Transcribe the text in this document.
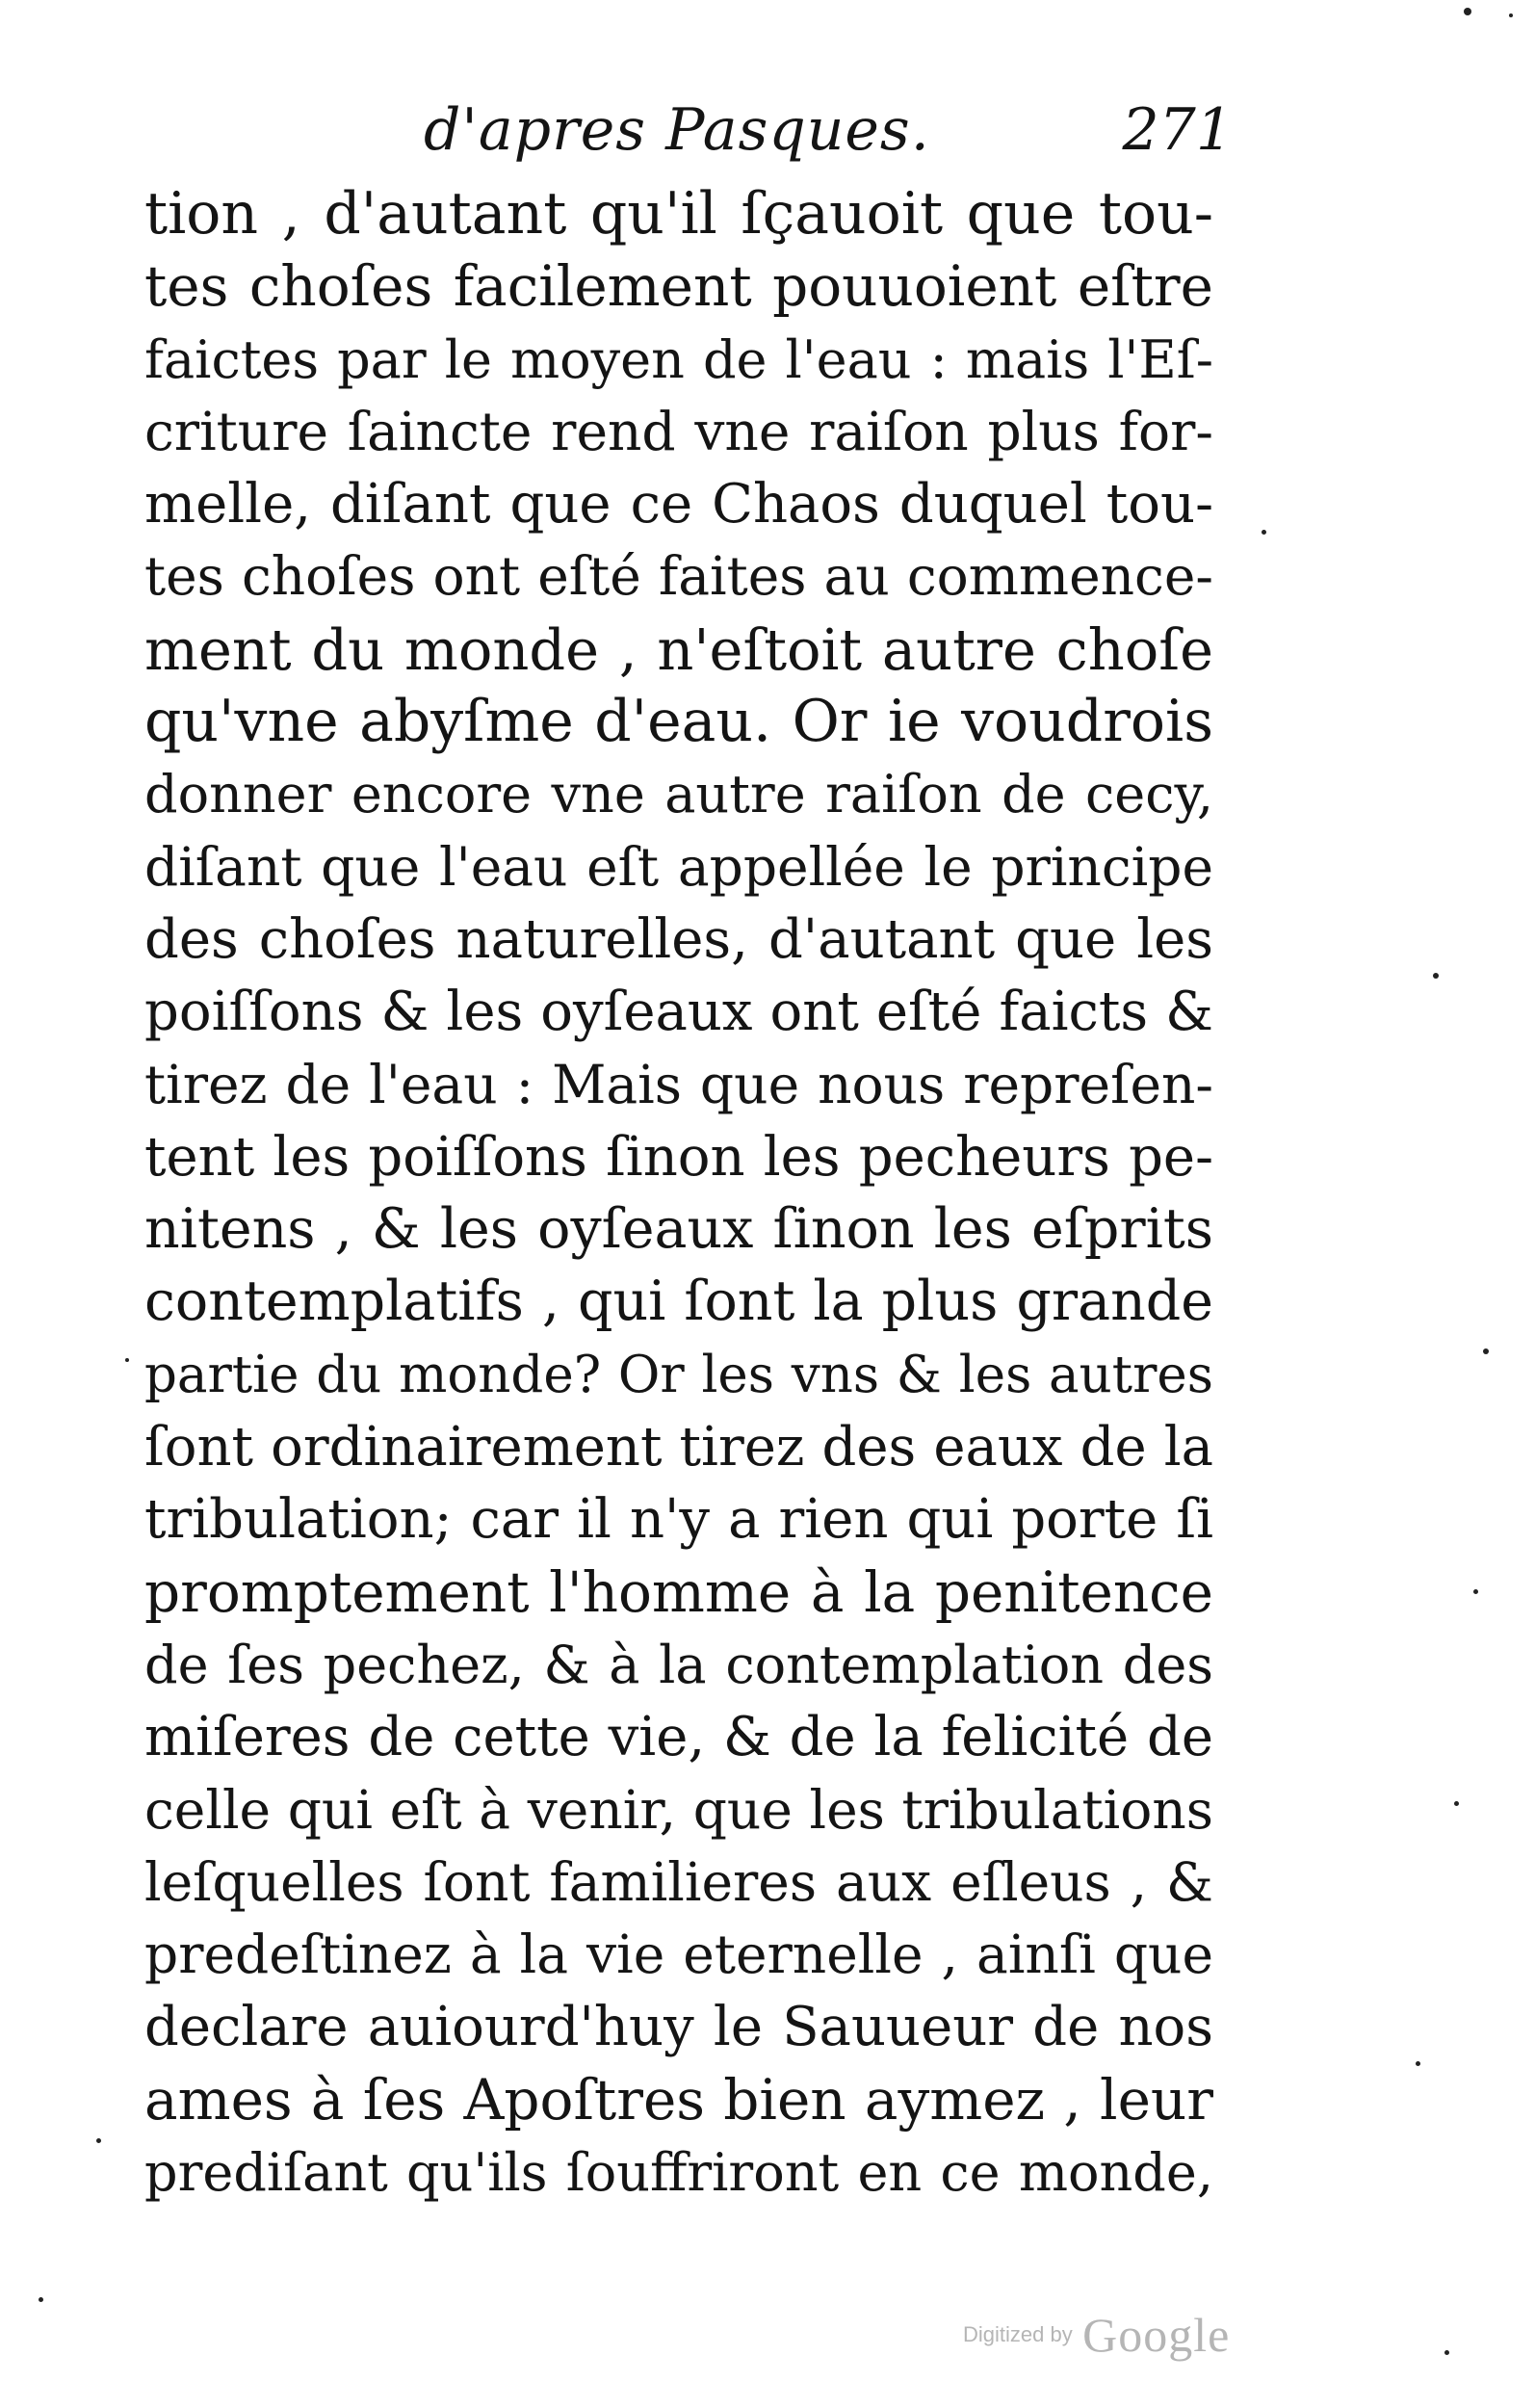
d'apres Pasques.	271
tion , d'autant qu'il ſçauoit que tou-
tes choſes facilement pouuoient eſtre
faictes par le moyen de l'eau : mais l'Eſ-
criture ſaincte rend vne raiſon plus for-
melle, diſant que ce Chaos duquel tou-
tes choſes ont eſté faites au commence-
ment du monde , n'eſtoit autre choſe
qu'vne abyſme d'eau. Or ie voudrois
donner encore vne autre raiſon de cecy,
diſant que l'eau eſt appellée le principe
des choſes naturelles, d'autant que les
poiſſons & les oyſeaux ont eſté faicts &
tirez de l'eau : Mais que nous repreſen-
tent les poiſſons ſinon les pecheurs pe-
nitens , & les oyſeaux ſinon les eſprits
contemplatifs , qui ſont la plus grande
partie du monde? Or les vns & les autres
ſont ordinairement tirez des eaux de la
tribulation; car il n'y a rien qui porte ſi
promptement l'homme à la penitence
de ſes pechez, & à la contemplation des
miſeres de cette vie, & de la felicité de
celle qui eſt à venir, que les tribulations
leſquelles ſont familieres aux eſleus , &
predeſtinez à la vie eternelle , ainſi que
declare auiourd'huy le Sauueur de nos
ames à ſes Apoſtres bien aymez , leur
prediſant qu'ils ſouffriront en ce monde,
Digitized by Google
